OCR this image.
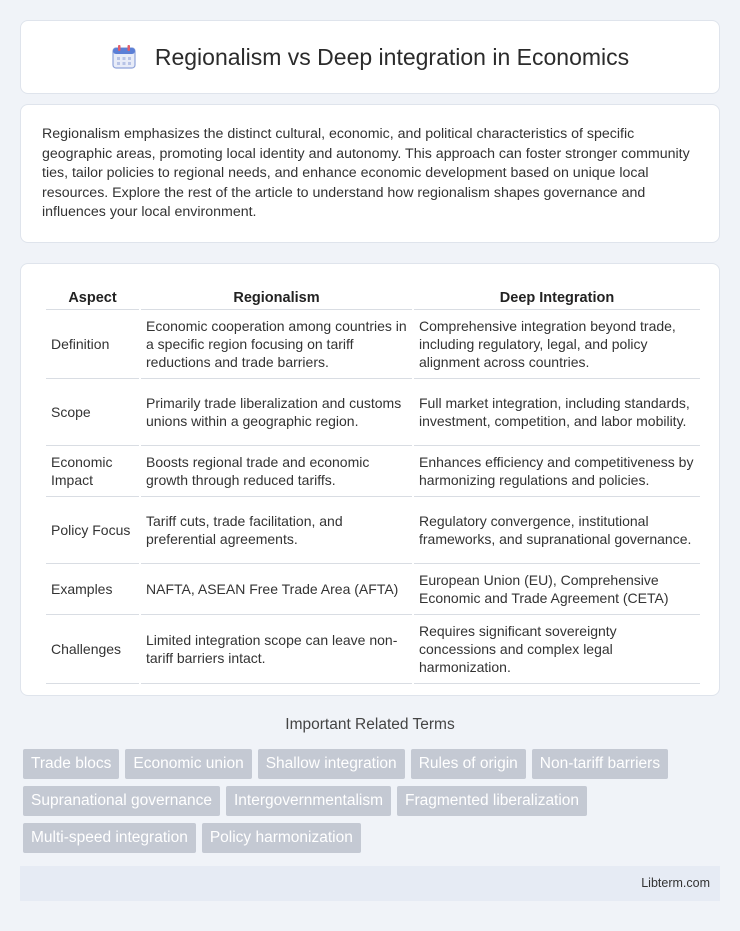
Regionalism vs Deep integration in Economics

Regionalism emphasizes the distinct cultural, economic, and political characteristics of specific geographic areas, promoting local identity and autonomy. This approach can foster stronger community ties, tailor policies to regional needs, and enhance economic development based on unique local resources. Explore the rest of the article to understand how regionalism shapes governance and influences your local environment.

Aspect	Regionalism	Deep Integration
Definition	Economic cooperation among countries in a specific region focusing on tariff reductions and trade barriers.	Comprehensive integration beyond trade, including regulatory, legal, and policy alignment across countries.
Scope	Primarily trade liberalization and customs unions within a geographic region.	Full market integration, including standards, investment, competition, and labor mobility.
Economic Impact	Boosts regional trade and economic growth through reduced tariffs.	Enhances efficiency and competitiveness by harmonizing regulations and policies.
Policy Focus	Tariff cuts, trade facilitation, and preferential agreements.	Regulatory convergence, institutional frameworks, and supranational governance.
Examples	NAFTA, ASEAN Free Trade Area (AFTA)	European Union (EU), Comprehensive Economic and Trade Agreement (CETA)
Challenges	Limited integration scope can leave non-tariff barriers intact.	Requires significant sovereignty concessions and complex legal harmonization.
Important Related Terms
Trade blocs	Economic union	Shallow integration	Rules of origin	Non-tariff barriers
Supranational governance	Intergovernmentalism	Fragmented liberalization
Multi-speed integration	Policy harmonization
Libterm.com
